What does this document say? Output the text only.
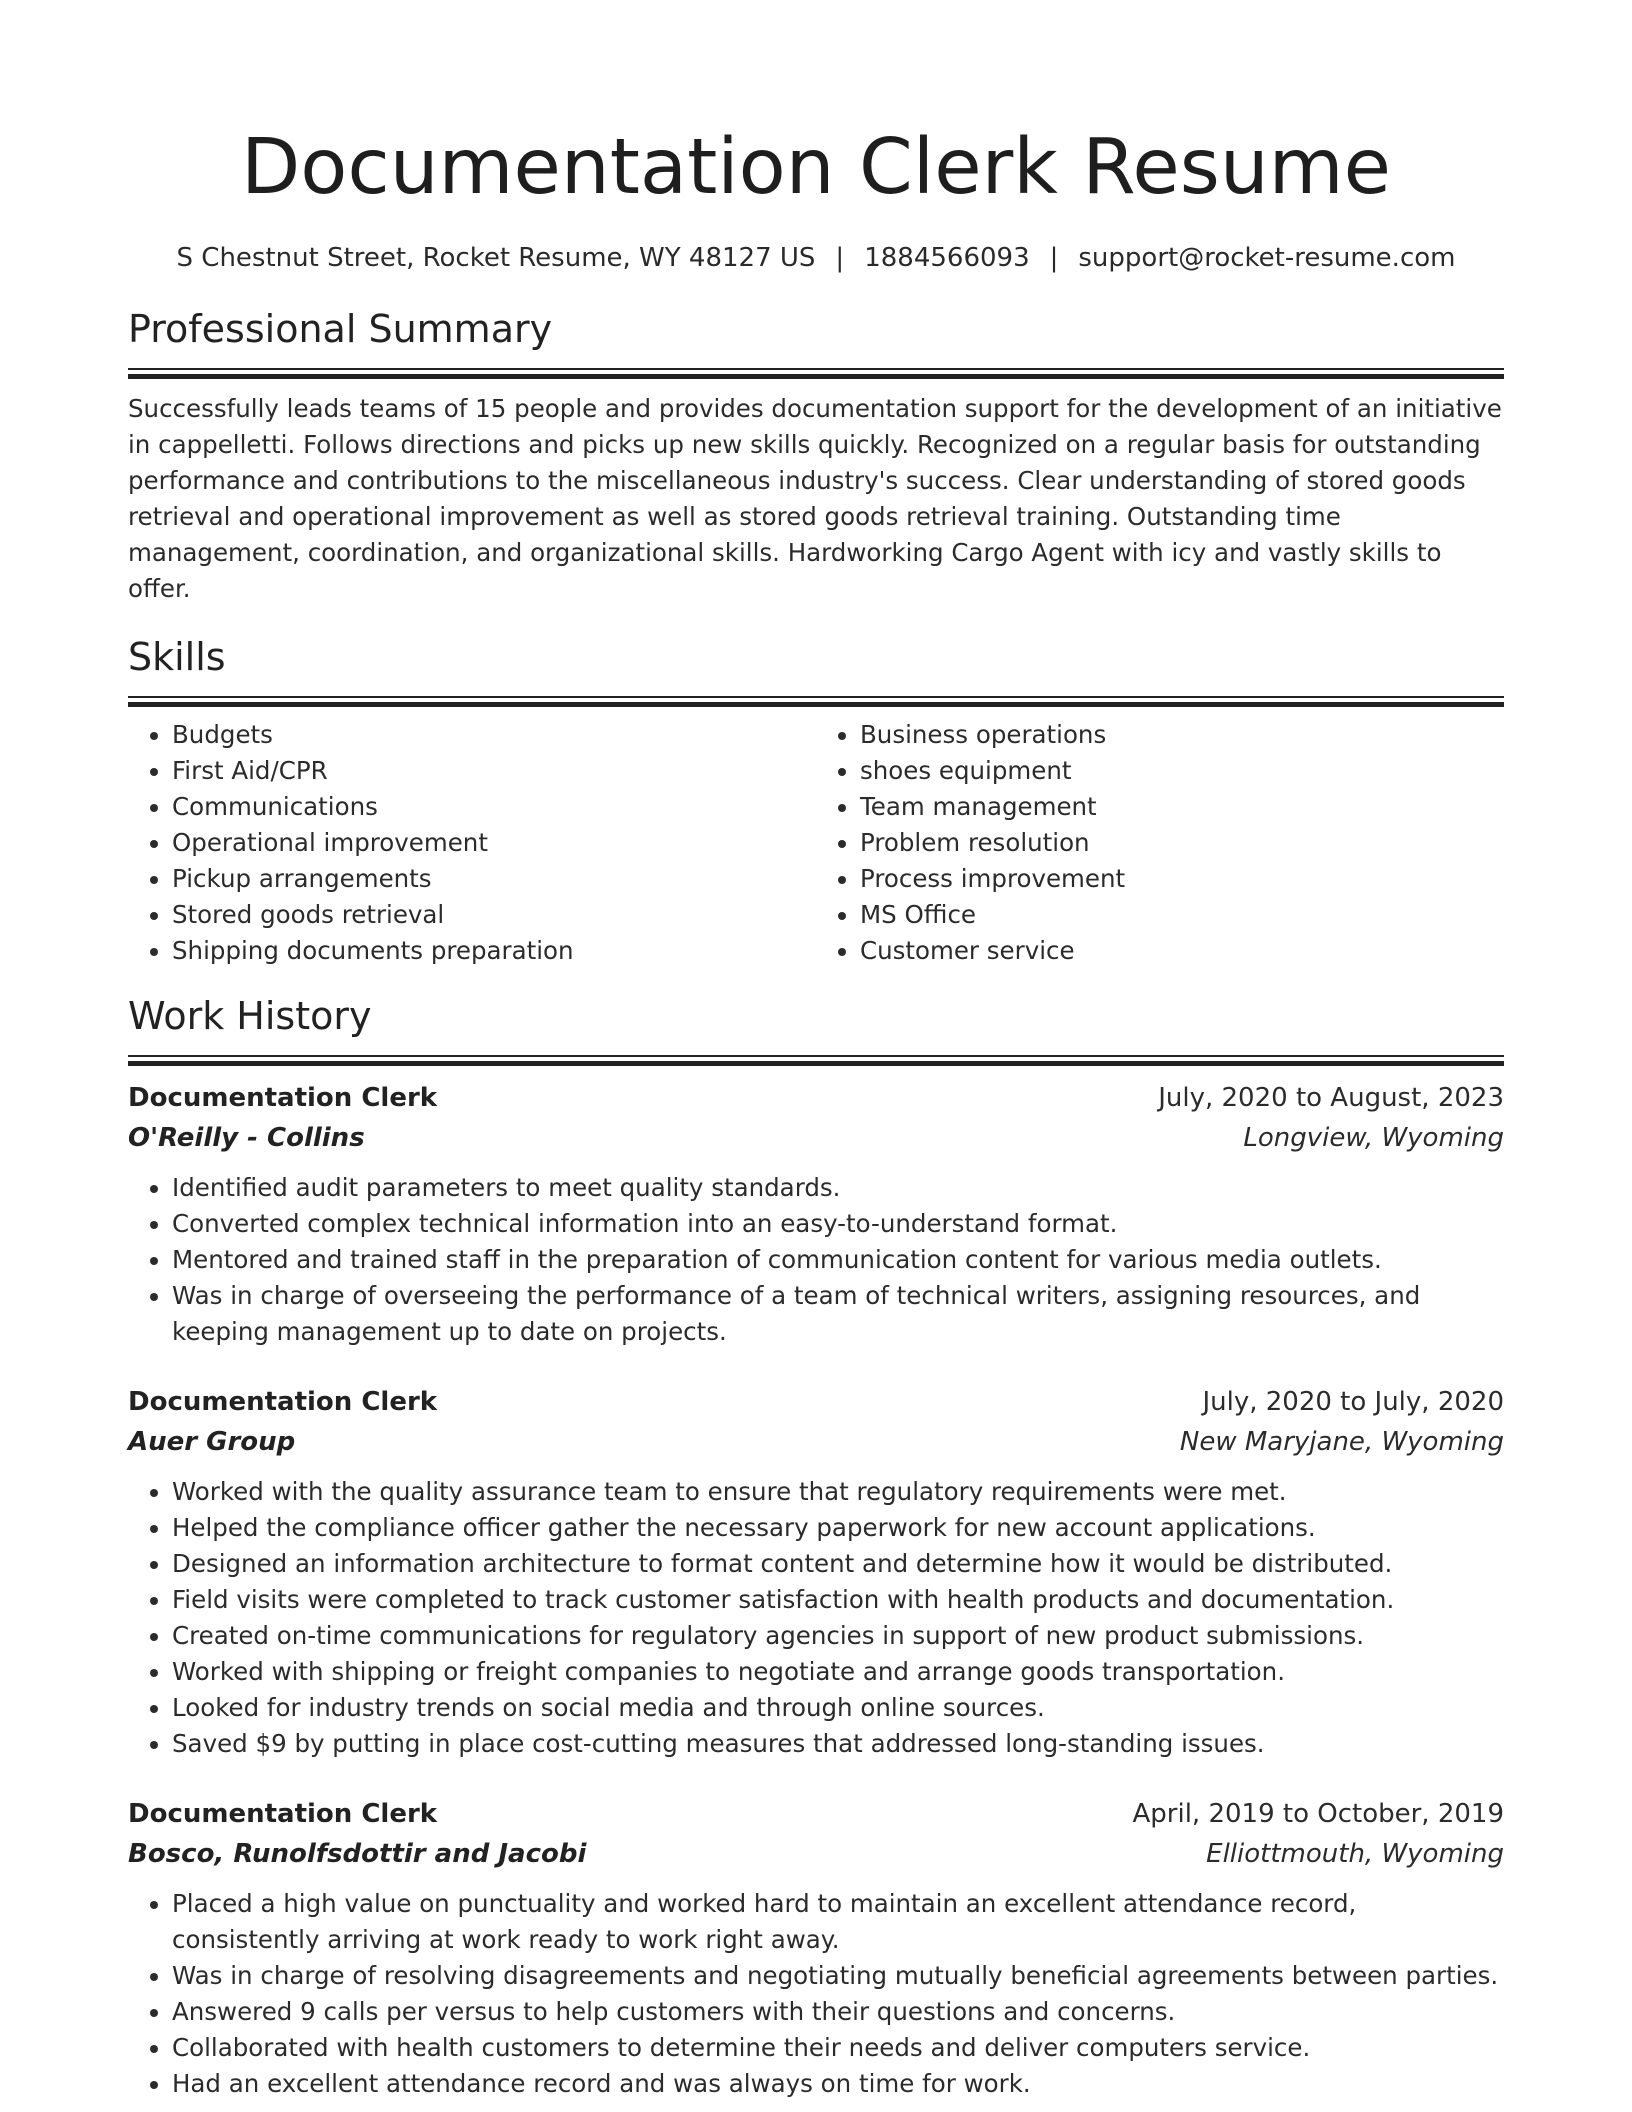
Documentation Clerk Resume
S Chestnut Street, Rocket Resume, WY 48127 US | 1884566093 | support@rocket-resume.com
Professional Summary

Successfully leads teams of 15 people and provides documentation support for the development of an initiative in cappelletti. Follows directions and picks up new skills quickly. Recognized on a regular basis for outstanding performance and contributions to the miscellaneous industry's success. Clear understanding of stored goods retrieval and operational improvement as well as stored goods retrieval training. Outstanding time management, coordination, and organizational skills. Hardworking Cargo Agent with icy and vastly skills to offer.

Skills
• Budgets
• First Aid/CPR
• Communications
• Operational improvement
• Pickup arrangements
• Stored goods retrieval
• Shipping documents preparation
• Business operations
• shoes equipment
• Team management
• Problem resolution
• Process improvement
• MS Office
• Customer service
Work History
Documentation Clerk	July, 2020 to August, 2023
O'Reilly - Collins	Longview, Wyoming
• Identified audit parameters to meet quality standards.
• Converted complex technical information into an easy-to-understand format.
• Mentored and trained staff in the preparation of communication content for various media outlets.
• Was in charge of overseeing the performance of a team of technical writers, assigning resources, and keeping management up to date on projects.
Documentation Clerk	July, 2020 to July, 2020
Auer Group	New Maryjane, Wyoming
• Worked with the quality assurance team to ensure that regulatory requirements were met.
• Helped the compliance officer gather the necessary paperwork for new account applications.
• Designed an information architecture to format content and determine how it would be distributed.
• Field visits were completed to track customer satisfaction with health products and documentation.
• Created on-time communications for regulatory agencies in support of new product submissions.
• Worked with shipping or freight companies to negotiate and arrange goods transportation.
• Looked for industry trends on social media and through online sources.
• Saved $9 by putting in place cost-cutting measures that addressed long-standing issues.
Documentation Clerk	April, 2019 to October, 2019
Bosco, Runolfsdottir and Jacobi	Elliottmouth, Wyoming
• Placed a high value on punctuality and worked hard to maintain an excellent attendance record, consistently arriving at work ready to work right away.
• Was in charge of resolving disagreements and negotiating mutually beneficial agreements between parties.
• Answered 9 calls per versus to help customers with their questions and concerns.
• Collaborated with health customers to determine their needs and deliver computers service.
• Had an excellent attendance record and was always on time for work.
